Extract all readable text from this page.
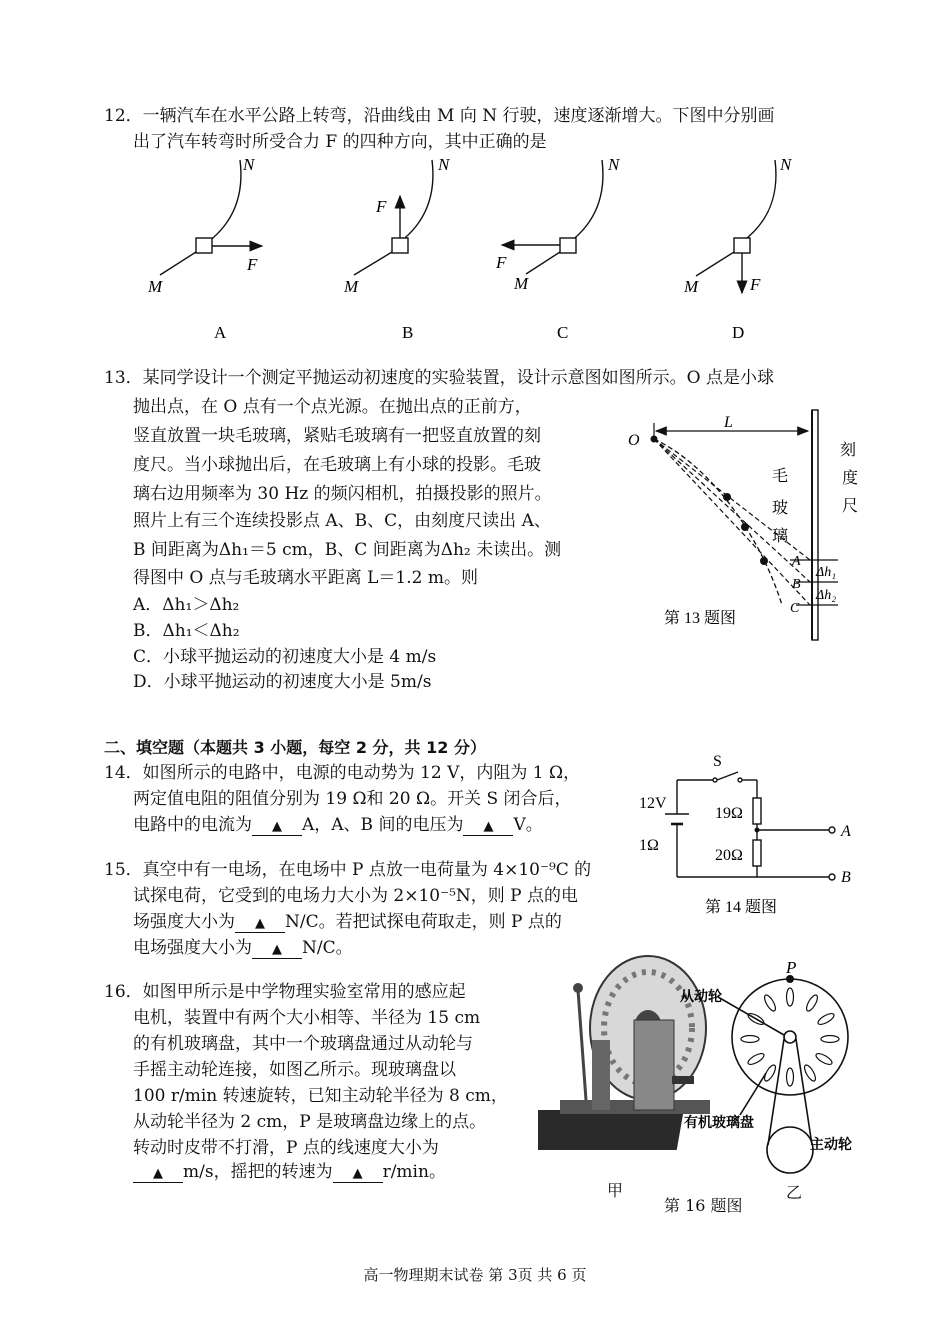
12．一辆汽车在水平公路上转弯，沿曲线由 M 向 N 行驶，速度逐渐增大。下图中分别画
出了汽车转弯时所受合力 F 的四种方向，其中正确的是
N
M
F
N
M
F
N
M
F
N
M	F
A	B	C	D
13．某同学设计一个测定平抛运动初速度的实验装置，设计示意图如图所示。O 点是小球
抛出点，在 O 点有一个点光源。在抛出点的正前方，
竖直放置一块毛玻璃，紧贴毛玻璃有一把竖直放置的刻
度尺。当小球抛出后，在毛玻璃上有小球的投影。毛玻
璃右边用频率为 30 Hz 的频闪相机，拍摄投影的照片。
照片上有三个连续投影点 A、B、C，由刻度尺读出 A、
B 间距离为Δh₁＝5 cm，B、C 间距离为Δh₂ 未读出。测
得图中 O 点与毛玻璃水平距离 L＝1.2 m。则
A．Δh₁＞Δh₂
B．Δh₁＜Δh₂
C．小球平抛运动的初速度大小是 4 m/s
D．小球平抛运动的初速度大小是 5m/s
O
L
毛
玻
璃
刻
度
尺
A
B
C
Δh₁
Δh₂
第 13 题图
二、填空题（本题共 3 小题，每空 2 分，共 12 分）
14．如图所示的电路中，电源的电动势为 12 V，内阻为 1 Ω，
两定值电阻的阻值分别为 19 Ω和 20 Ω。开关 S 闭合后，
电路中的电流为 ▲ A，A、B 间的电压为 ▲ V。
S
12V
1Ω
19Ω
20Ω
A
B
第 14 题图
15．真空中有一电场，在电场中 P 点放一电荷量为 4×10⁻⁹C 的
试探电荷，它受到的电场力大小为 2×10⁻⁵N，则 P 点的电
场强度大小为 ▲ N/C。若把试探电荷取走，则 P 点的
电场强度大小为 ▲ N/C。
16．如图甲所示是中学物理实验室常用的感应起
电机，装置中有两个大小相等、半径为 15 cm
的有机玻璃盘，其中一个玻璃盘通过从动轮与
手摇主动轮连接，如图乙所示。现玻璃盘以
100 r/min 转速旋转，已知主动轮半径为 8 cm，
从动轮半径为 2 cm，P 是玻璃盘边缘上的点。
转动时皮带不打滑，P 点的线速度大小为
▲ m/s，摇把的转速为 ▲ r/min。
P
从动轮
有机玻璃盘
主动轮
甲	乙
第 16 题图
高一物理期末试卷 第 3页 共 6 页
